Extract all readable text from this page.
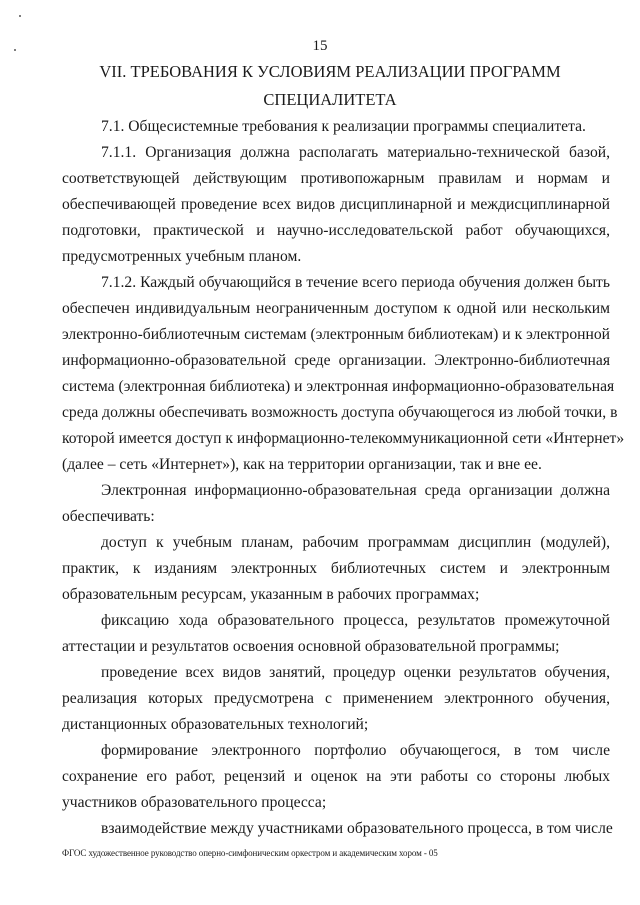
15
VII. ТРЕБОВАНИЯ К УСЛОВИЯМ РЕАЛИЗАЦИИ ПРОГРАММ
СПЕЦИАЛИТЕТА
7.1. Общесистемные требования к реализации программы специалитета.
7.1.1. Организация должна располагать материально-технической базой,
соответствующей действующим противопожарным правилам и нормам и
обеспечивающей проведение всех видов дисциплинарной и междисциплинарной
подготовки, практической и научно-исследовательской работ обучающихся,
предусмотренных учебным планом.
7.1.2. Каждый обучающийся в течение всего периода обучения должен быть
обеспечен индивидуальным неограниченным доступом к одной или нескольким
электронно-библиотечным системам (электронным библиотекам) и к электронной
информационно-образовательной среде организации. Электронно-библиотечная
система (электронная библиотека) и электронная информационно-образовательная
среда должны обеспечивать возможность доступа обучающегося из любой точки, в
которой имеется доступ к информационно-телекоммуникационной сети «Интернет»
(далее – сеть «Интернет»), как на территории организации, так и вне ее.
Электронная информационно-образовательная среда организации должна
обеспечивать:
доступ к учебным планам, рабочим программам дисциплин (модулей),
практик, к изданиям электронных библиотечных систем и электронным
образовательным ресурсам, указанным в рабочих программах;
фиксацию хода образовательного процесса, результатов промежуточной
аттестации и результатов освоения основной образовательной программы;
проведение всех видов занятий, процедур оценки результатов обучения,
реализация которых предусмотрена с применением электронного обучения,
дистанционных образовательных технологий;
формирование электронного портфолио обучающегося, в том числе
сохранение его работ, рецензий и оценок на эти работы со стороны любых
участников образовательного процесса;
взаимодействие между участниками образовательного процесса, в том числе
ФГОС художественное руководство оперно-симфоническим оркестром и академическим хором - 05
